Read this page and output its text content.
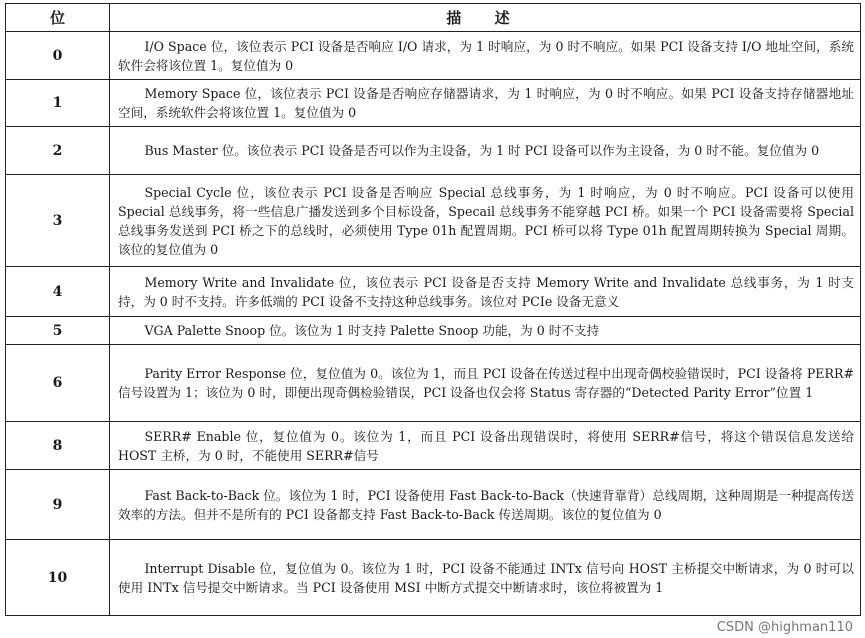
位	描 述
0	I/O Space 位，该位表示 PCI 设备是否响应 I/O 请求，为 1 时响应，为 0 时不响应。如果 PCI 设备支持 I/O 地址空间，系统软件会将该位置 1。复位值为 0
1	Memory Space 位，该位表示 PCI 设备是否响应存储器请求，为 1 时响应，为 0 时不响应。如果 PCI 设备支持存储器地址空间，系统软件会将该位置 1。复位值为 0
2	Bus Master 位。该位表示 PCI 设备是否可以作为主设备，为 1 时 PCI 设备可以作为主设备，为 0 时不能。复位值为 0
3	Special Cycle 位，该位表示 PCI 设备是否响应 Special 总线事务，为 1 时响应，为 0 时不响应。PCI 设备可以使用 Special 总线事务，将一些信息广播发送到多个目标设备，Specail 总线事务不能穿越 PCI 桥。如果一个 PCI 设备需要将 Special 总线事务发送到 PCI 桥之下的总线时，必须使用 Type 01h 配置周期。PCI 桥可以将 Type 01h 配置周期转换为 Special 周期。该位的复位值为 0
4	Memory Write and Invalidate 位，该位表示 PCI 设备是否支持 Memory Write and Invalidate 总线事务，为 1 时支持，为 0 时不支持。许多低端的 PCI 设备不支持这种总线事务。该位对 PCIe 设备无意义
5	VGA Palette Snoop 位。该位为 1 时支持 Palette Snoop 功能，为 0 时不支持
6	Parity Error Response 位，复位值为 0。该位为 1，而且 PCI 设备在传送过程中出现奇偶校验错误时，PCI 设备将 PERR#信号设置为 1；该位为 0 时，即便出现奇偶检验错误，PCI 设备也仅会将 Status 寄存器的“Detected Parity Error”位置 1
8	SERR# Enable 位，复位值为 0。该位为 1，而且 PCI 设备出现错误时，将使用 SERR#信号，将这个错误信息发送给 HOST 主桥，为 0 时，不能使用 SERR#信号
9	Fast Back-to-Back 位。该位为 1 时，PCI 设备使用 Fast Back-to-Back（快速背靠背）总线周期，这种周期是一种提高传送效率的方法。但并不是所有的 PCI 设备都支持 Fast Back-to-Back 传送周期。该位的复位值为 0
10	Interrupt Disable 位，复位值为 0。该位为 1 时，PCI 设备不能通过 INTx 信号向 HOST 主桥提交中断请求，为 0 时可以使用 INTx 信号提交中断请求。当 PCI 设备使用 MSI 中断方式提交中断请求时，该位将被置为 1
CSDN @highman110
